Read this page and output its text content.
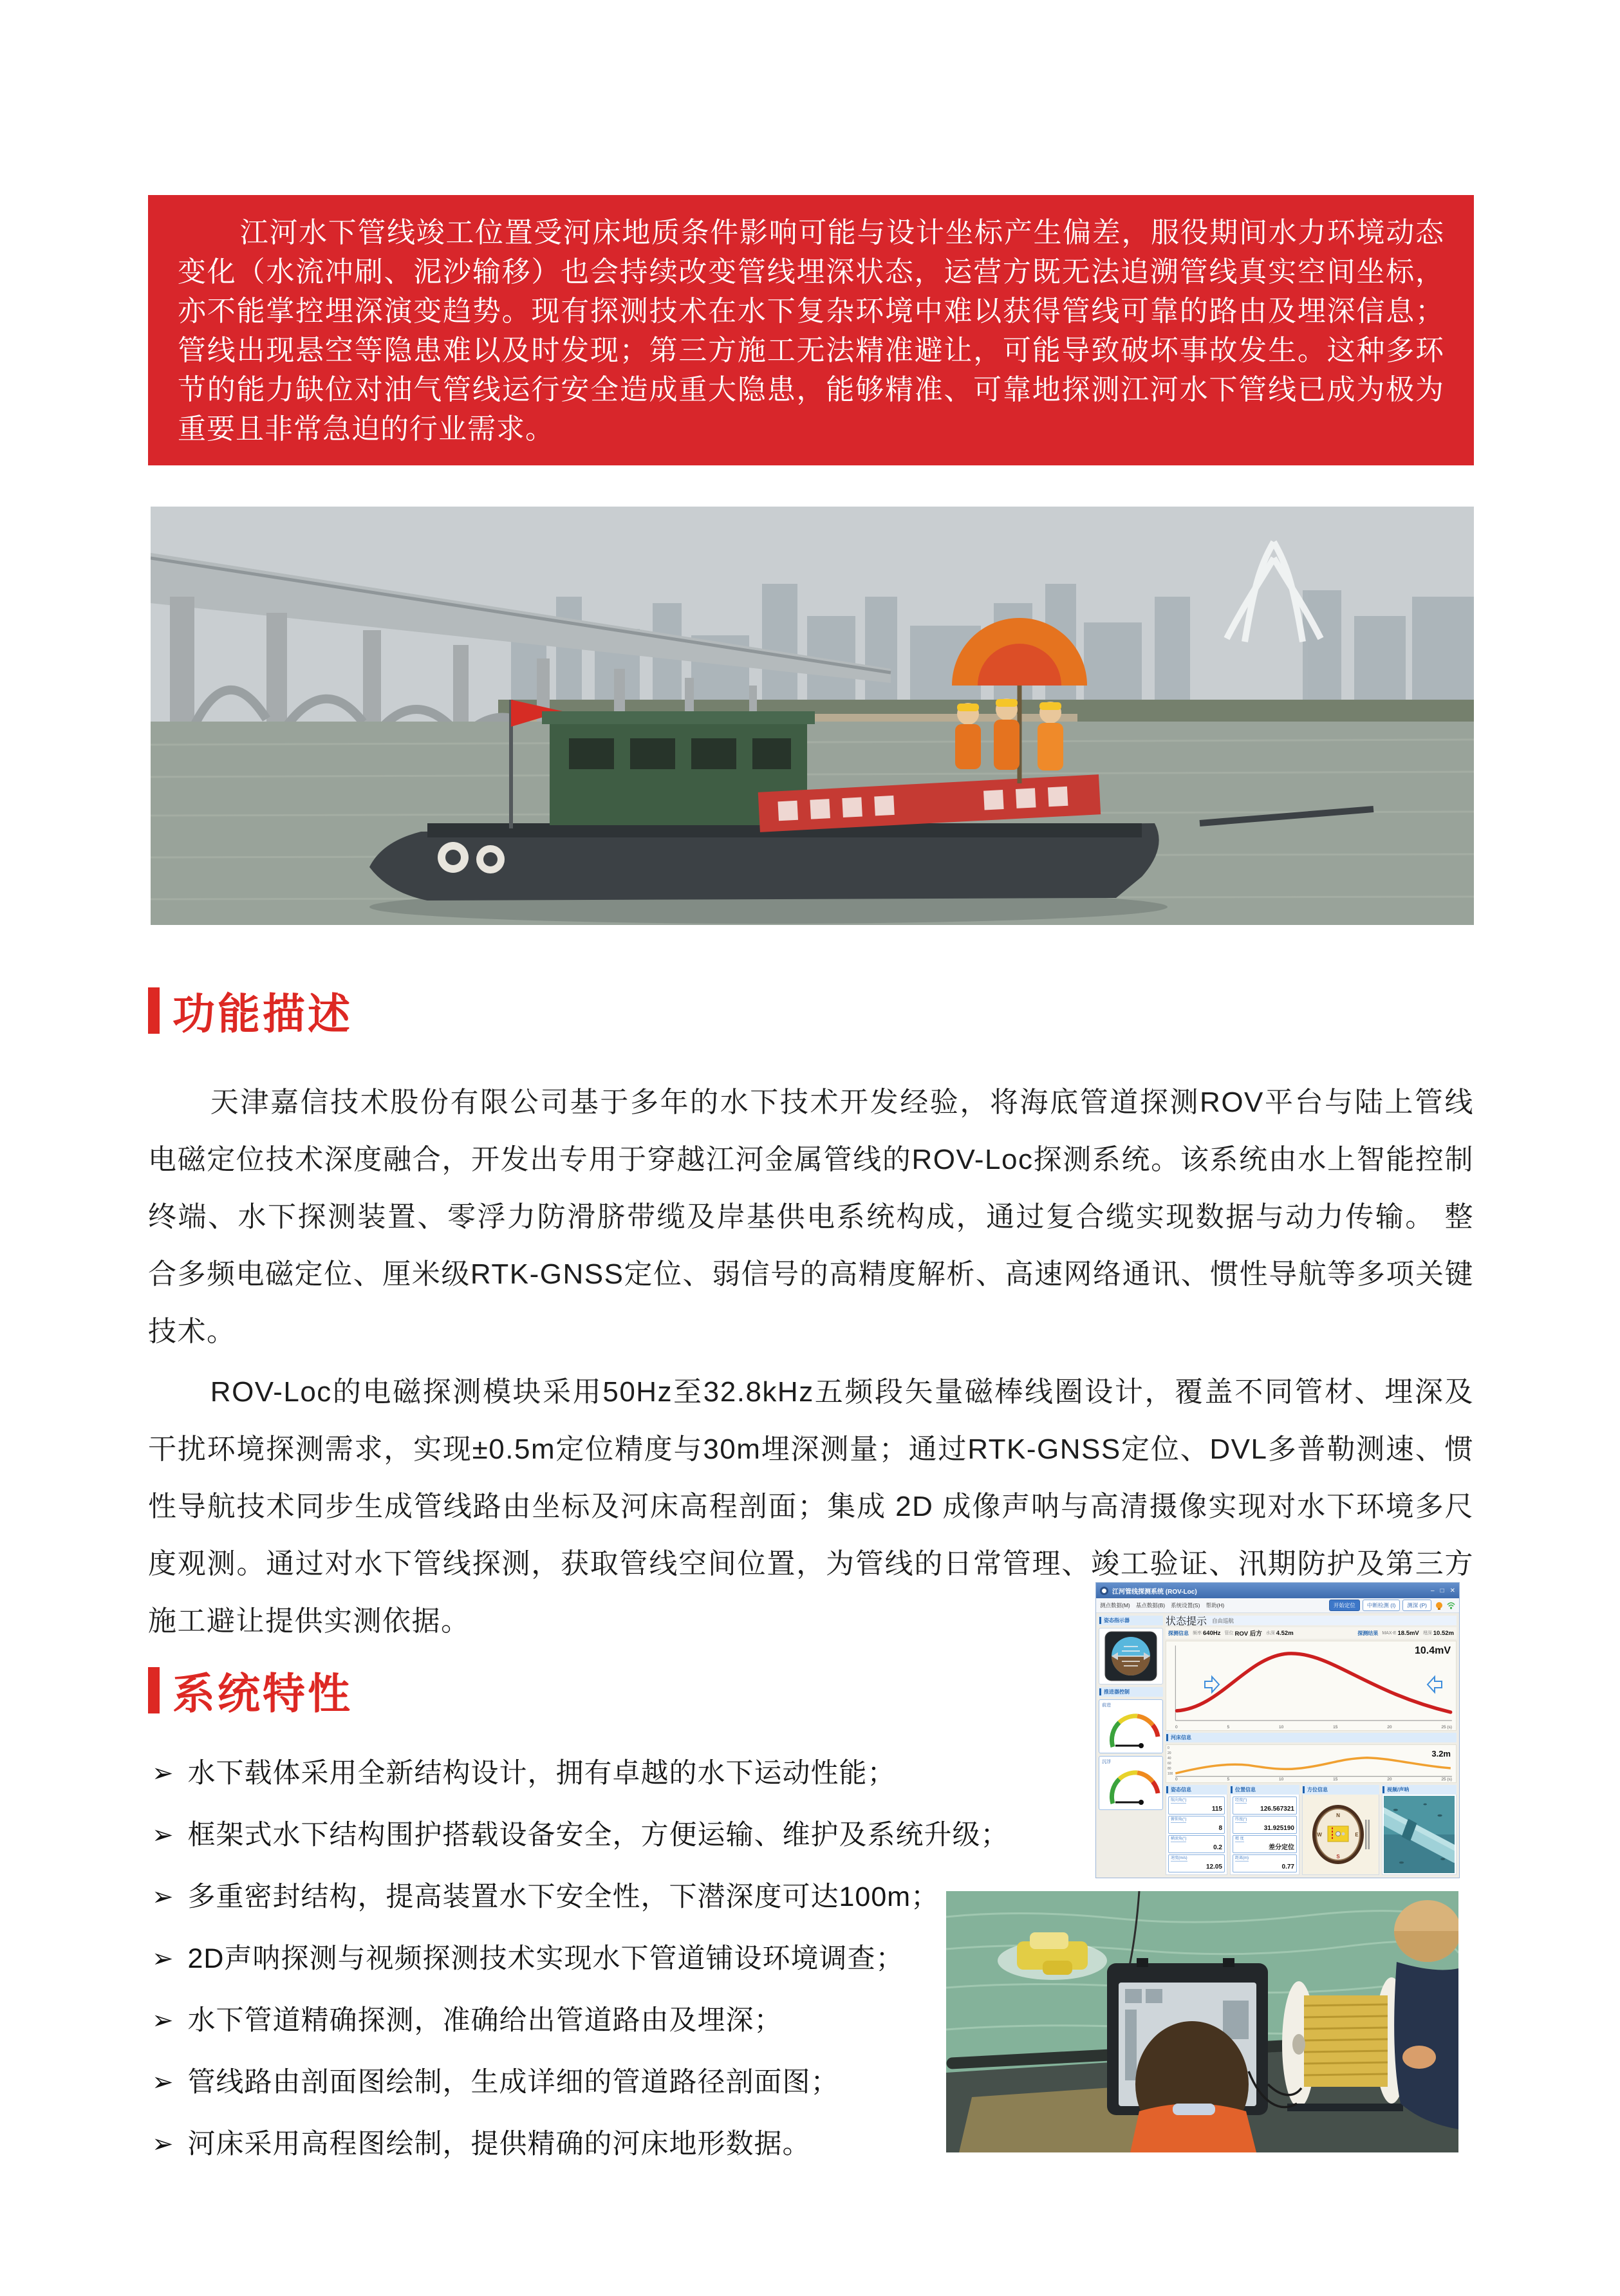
江河水下管线竣工位置受河床地质条件影响可能与设计坐标产生偏差，服役期间水力环境动态变化（水流冲刷、泥沙输移）也会持续改变管线埋深状态，运营方既无法追溯管线真实空间坐标，亦不能掌控埋深演变趋势。现有探测技术在水下复杂环境中难以获得管线可靠的路由及埋深信息；管线出现悬空等隐患难以及时发现；第三方施工无法精准避让，可能导致破坏事故发生。这种多环节的能力缺位对油气管线运行安全造成重大隐患，能够精准、可靠地探测江河水下管线已成为极为重要且非常急迫的行业需求。

功能描述

天津嘉信技术股份有限公司基于多年的水下技术开发经验，将海底管道探测ROV平台与陆上管线电磁定位技术深度融合，开发出专用于穿越江河金属管线的ROV-Loc探测系统。该系统由水上智能控制终端、水下探测装置、零浮力防滑脐带缆及岸基供电系统构成，通过复合缆实现数据与动力传输。 整合多频电磁定位、厘米级RTK-GNSS定位、弱信号的高精度解析、高速网络通讯、惯性导航等多项关键技术。

ROV-Loc的电磁探测模块采用50Hz至32.8kHz五频段矢量磁棒线圈设计，覆盖不同管材、埋深及干扰环境探测需求，实现±0.5m定位精度与30m埋深测量；通过RTK-GNSS定位、DVL多普勒测速、惯性导航技术同步生成管线路由坐标及河床高程剖面；集成 2D 成像声呐与高清摄像实现对水下环境多尺度观测。通过对水下管线探测，获取管线空间位置，为管线的日常管理、竣工验证、汛期防护及第三方施工避让提供实测依据。

系统特性
➢ 水下载体采用全新结构设计，拥有卓越的水下运动性能；
➢ 框架式水下结构围护搭载设备安全，方便运输、维护及系统升级；
➢ 多重密封结构，提高装置水下安全性，下潜深度可达100m；
➢ 2D声呐探测与视频探测技术实现水下管道铺设环境调查；
➢ 水下管道精确探测，准确给出管道路由及埋深；
➢ 管线路由剖面图绘制，生成详细的管道路径剖面图；
➢ 河床采用高程图绘制，提供精确的河床地形数据。
江河管线探测系统 (ROV-Loc)	– □ ✕
测点数据(M) 基点数据(B) 系统设置(S) 帮助(H)	开始定位	中断检测 (I)	测深 (P)
姿态指示器
推进器控制
前进
沉浮
状态提示 自由巡航
探测信息 频率 640Hz 管位 ROV 后方 水深 4.52m	探测结果 MAX-E 18.5mV 埋深 10.52m
10.4mV
0	5	10	15	20	25 (s)
河床信息
3.2m
0
20
40
60
80
100
0	5	10	15	20	25 (s)
姿态信息
航向角(°)
115
俯仰角(°)
8
横滚角(°)
0.2
速度(m/s)
12.05
位置信息
经度(°)
126.567321
纬度(°)
31.925190
精 度
差分定位
距离(m)
0.77
方位信息
N
S
W	E
视频/声呐
